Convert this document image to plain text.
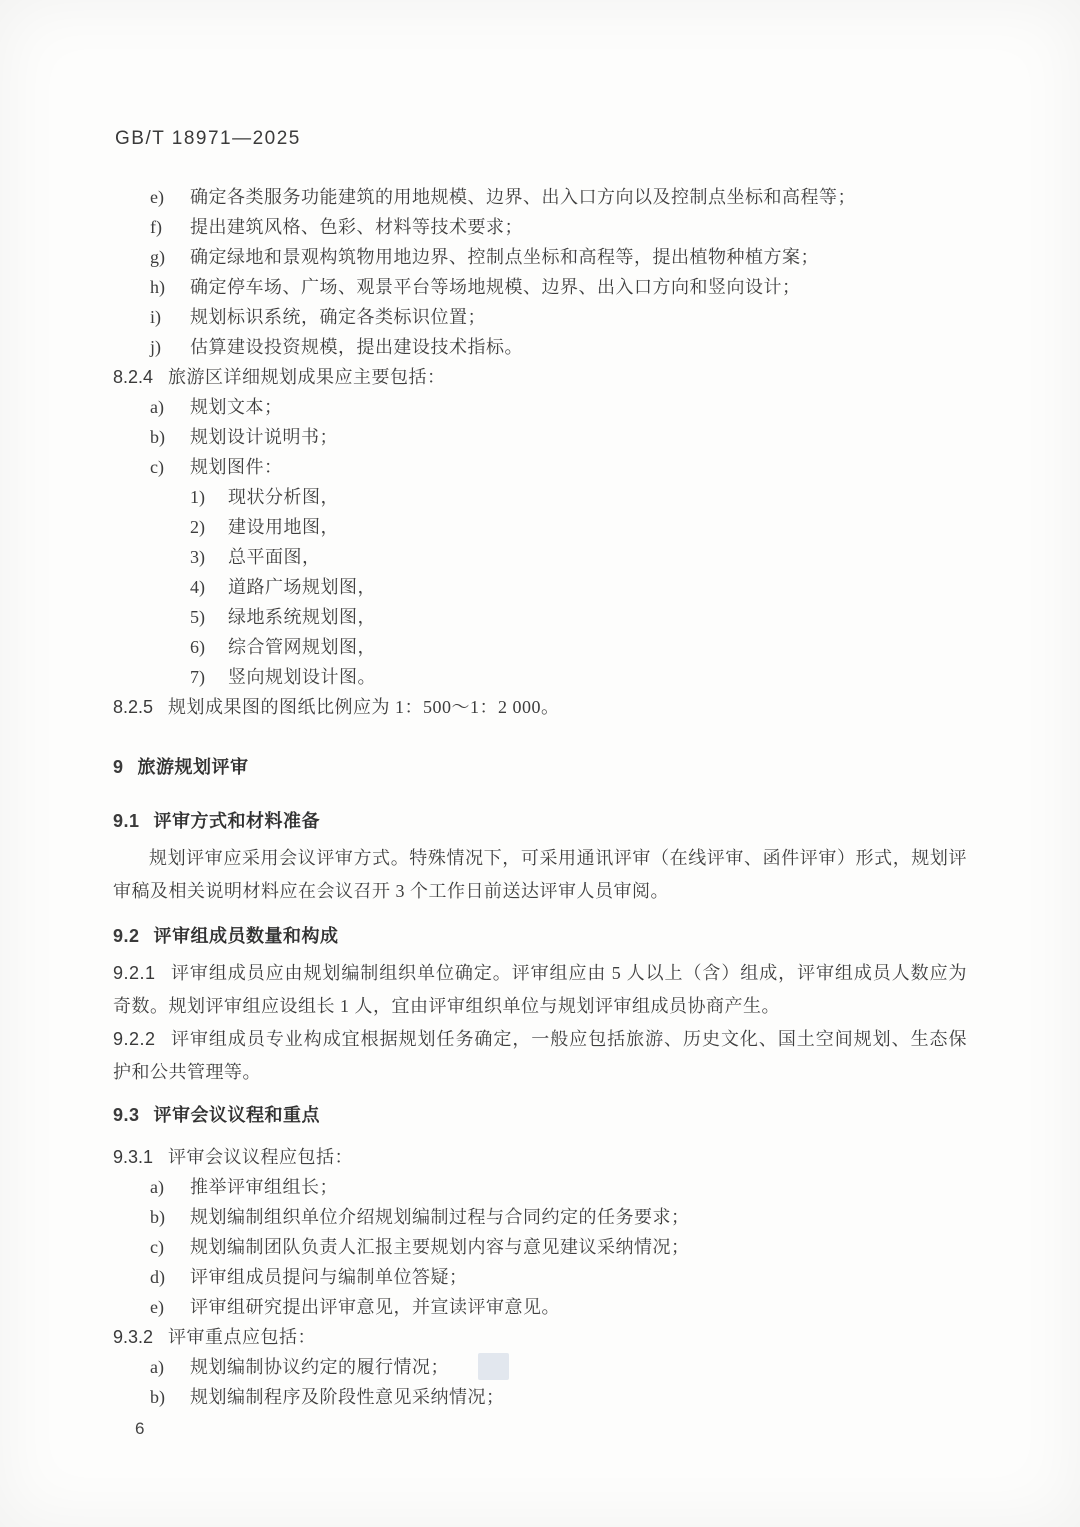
GB/T 18971—2025
e)	确定各类服务功能建筑的用地规模、边界、出入口方向以及控制点坐标和高程等；
f)	提出建筑风格、色彩、材料等技术要求；
g)	确定绿地和景观构筑物用地边界、控制点坐标和高程等，提出植物种植方案；
h)	确定停车场、广场、观景平台等场地规模、边界、出入口方向和竖向设计；
i)	规划标识系统，确定各类标识位置；
j)	估算建设投资规模，提出建设技术指标。
8.2.4 旅游区详细规划成果应主要包括：
a)	规划文本；
b)	规划设计说明书；
c)	规划图件：
1)	现状分析图，
2)	建设用地图，
3)	总平面图，
4)	道路广场规划图，
5)	绿地系统规划图，
6)	综合管网规划图，
7)	竖向规划设计图。
8.2.5 规划成果图的图纸比例应为 1：500～1：2 000。
9 旅游规划评审
9.1 评审方式和材料准备
规划评审应采用会议评审方式。特殊情况下，可采用通讯评审（在线评审、函件评审）形式，规划评
审稿及相关说明材料应在会议召开 3 个工作日前送达评审人员审阅。
9.2 评审组成员数量和构成
9.2.1 评审组成员应由规划编制组织单位确定。评审组应由 5 人以上（含）组成，评审组成员人数应为
奇数。规划评审组应设组长 1 人，宜由评审组织单位与规划评审组成员协商产生。
9.2.2 评审组成员专业构成宜根据规划任务确定，一般应包括旅游、历史文化、国土空间规划、生态保
护和公共管理等。
9.3 评审会议议程和重点
9.3.1 评审会议议程应包括：
a)	推举评审组组长；
b)	规划编制组织单位介绍规划编制过程与合同约定的任务要求；
c)	规划编制团队负责人汇报主要规划内容与意见建议采纳情况；
d)	评审组成员提问与编制单位答疑；
e)	评审组研究提出评审意见，并宣读评审意见。
9.3.2 评审重点应包括：
a)	规划编制协议约定的履行情况；
b)	规划编制程序及阶段性意见采纳情况；
6
